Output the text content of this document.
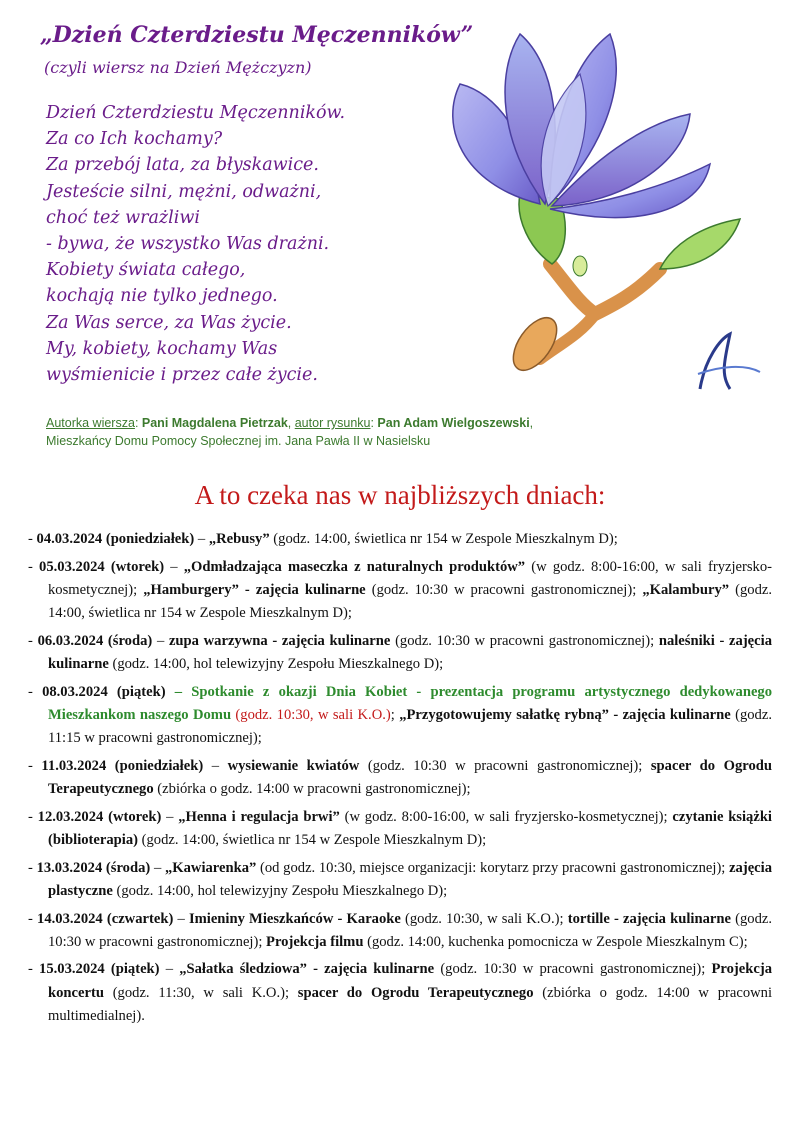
„Dzień Czterdziestu Męczenników”
(czyli wiersz na Dzień Mężczyzn)
Dzień Czterdziestu Męczenników.
Za co Ich kochamy?
Za przebój lata, za błyskawice.
Jesteście silni, mężni, odważni,
choć też wrażliwi
- bywa, że wszystko Was drażni.
Kobiety świata całego,
kochają nie tylko jednego.
Za Was serce, za Was życie.
My, kobiety, kochamy Was
wyśmienicie i przez całe życie.
Autorka wiersza: Pani Magdalena Pietrzak, autor rysunku: Pan Adam Wielgoszewski,
Mieszkańcy Domu Pomocy Społecznej im. Jana Pawła II w Nasielsku
A to czeka nas w najbliższych dniach:
- 04.03.2024 (poniedziałek) – „Rebusy” (godz. 14:00, świetlica nr 154 w Zespole Mieszkalnym D);
- 05.03.2024 (wtorek) – „Odmładzająca maseczka z naturalnych produktów” (w godz. 8:00-16:00, w sali fryzjersko-kosmetycznej); „Hamburgery” - zajęcia kulinarne (godz. 10:30 w pracowni gastronomicznej); „Kalambury” (godz. 14:00, świetlica nr 154 w Zespole Mieszkalnym D);
- 06.03.2024 (środa) – zupa warzywna - zajęcia kulinarne (godz. 10:30 w pracowni gastronomicznej); naleśniki - zajęcia kulinarne (godz. 14:00, hol telewizyjny Zespołu Mieszkalnego D);
- 08.03.2024 (piątek) – Spotkanie z okazji Dnia Kobiet - prezentacja programu artystycznego dedykowanego Mieszkankom naszego Domu (godz. 10:30, w sali K.O.); „Przygotowujemy sałatkę rybną” - zajęcia kulinarne (godz. 11:15 w pracowni gastronomicznej);
- 11.03.2024 (poniedziałek) – wysiewanie kwiatów (godz. 10:30 w pracowni gastronomicznej); spacer do Ogrodu Terapeutycznego (zbiórka o godz. 14:00 w pracowni gastronomicznej);
- 12.03.2024 (wtorek) – „Henna i regulacja brwi” (w godz. 8:00-16:00, w sali fryzjersko-kosmetycznej); czytanie książki (biblioterapia) (godz. 14:00, świetlica nr 154 w Zespole Mieszkalnym D);
- 13.03.2024 (środa) – „Kawiarenka” (od godz. 10:30, miejsce organizacji: korytarz przy pracowni gastronomicznej); zajęcia plastyczne (godz. 14:00, hol telewizyjny Zespołu Mieszkalnego D);
- 14.03.2024 (czwartek) – Imieniny Mieszkańców - Karaoke (godz. 10:30, w sali K.O.); tortille - zajęcia kulinarne (godz. 10:30 w pracowni gastronomicznej); Projekcja filmu (godz. 14:00, kuchenka pomocnicza w Zespole Mieszkalnym C);
- 15.03.2024 (piątek) – „Sałatka śledziowa” - zajęcia kulinarne (godz. 10:30 w pracowni gastronomicznej); Projekcja koncertu (godz. 11:30, w sali K.O.); spacer do Ogrodu Terapeutycznego (zbiórka o godz. 14:00 w pracowni multimedialnej).
